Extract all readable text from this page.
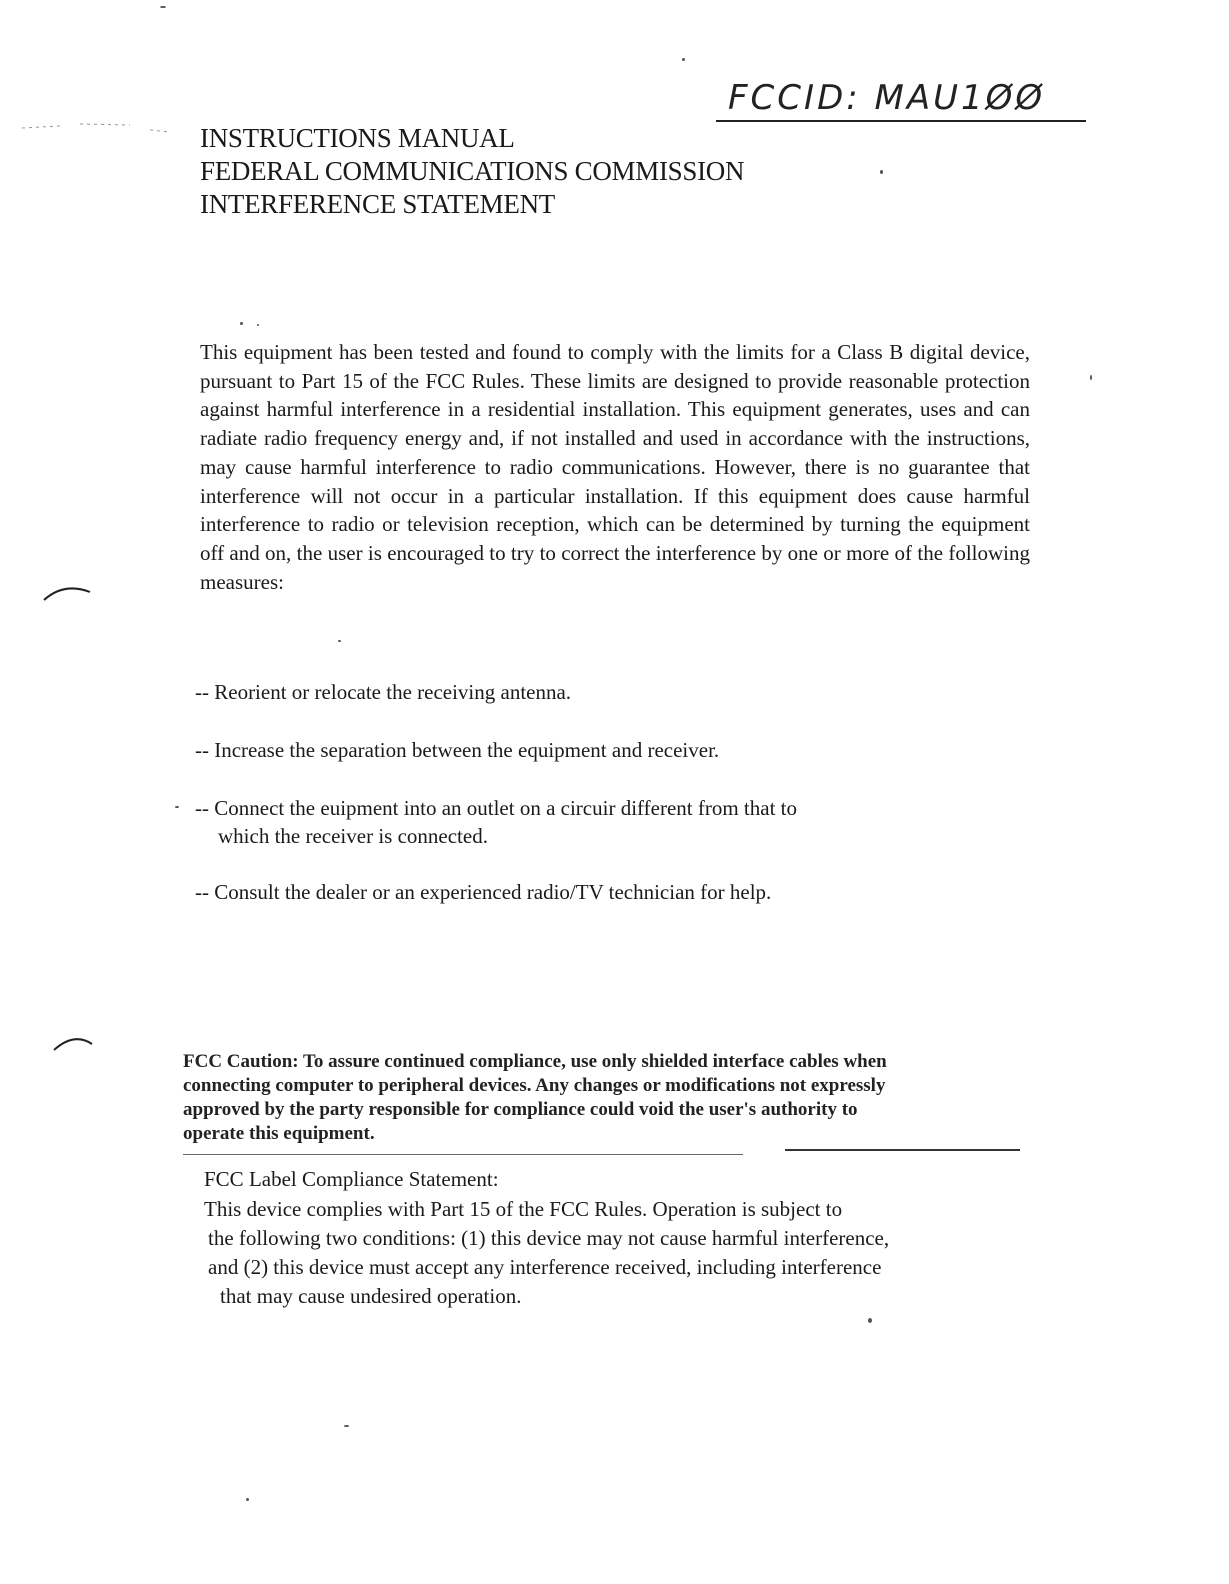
FCCID: MAU1ØØ
INSTRUCTIONS MANUAL
FEDERAL COMMUNICATIONS COMMISSION
INTERFERENCE STATEMENT
This equipment has been tested and found to comply with the limits for a Class B digital device, pursuant to Part 15 of the FCC Rules. These limits are designed to provide reasonable protection against harmful interference in a residential installation. This equipment generates, uses and can radiate radio frequency energy and, if not installed and used in accordance with the instructions, may cause harmful interference to radio communications. However, there is no guarantee that interference will not occur in a particular installation. If this equipment does cause harmful interference to radio or television reception, which can be determined by turning the equipment off and on, the user is encouraged to try to correct the interference by one or more of the following measures:
-- Reorient or relocate the receiving antenna.
-- Increase the separation between the equipment and receiver.
-- Connect the euipment into an outlet on a circuir different from that to
which the receiver is connected.
-- Consult the dealer or an experienced radio/TV technician for help.
FCC Caution: To assure continued compliance, use only shielded interface cables when connecting computer to peripheral devices. Any changes or modifications not expressly approved by the party responsible for compliance could void the user's authority to operate this equipment.
FCC Label Compliance Statement:
This device complies with Part 15 of the FCC Rules. Operation is subject to
the following two conditions: (1) this device may not cause harmful interference,
and (2) this device must accept any interference received, including interference
that may cause undesired operation.
